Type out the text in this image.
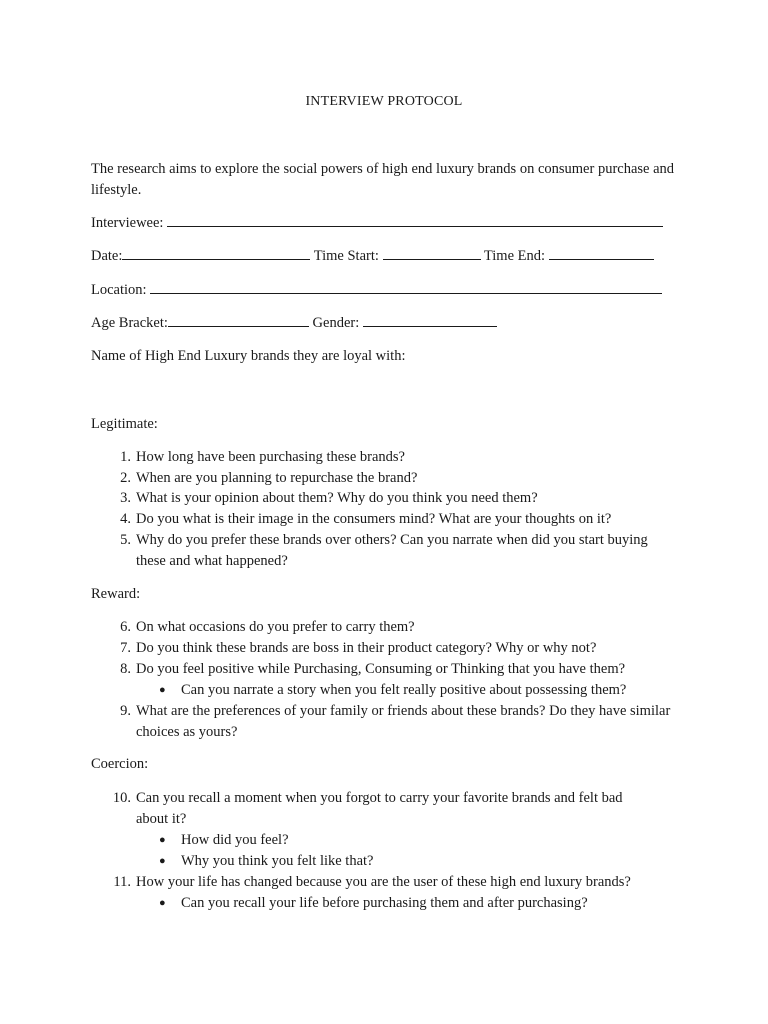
INTERVIEW PROTOCOL
The research aims to explore the social powers of high end luxury brands on consumer purchase and lifestyle.
Interviewee:
Date:	Time Start:	Time End:
Location:
Age Bracket:	Gender:
Name of High End Luxury brands they are loyal with:
Legitimate:
1. How long have been purchasing these brands?
2. When are you planning to repurchase the brand?
3. What is your opinion about them? Why do you think you need them?
4. Do you what is their image in the consumers mind? What are your thoughts on it?
5. Why do you prefer these brands over others? Can you narrate when did you start buying these and what happened?
Reward:
6. On what occasions do you prefer to carry them?
7. Do you think these brands are boss in their product category? Why or why not?
8. Do you feel positive while Purchasing, Consuming or Thinking that you have them?
● Can you narrate a story when you felt really positive about possessing them?
9. What are the preferences of your family or friends about these brands? Do they have similar choices as yours?
Coercion:
10. Can you recall a moment when you forgot to carry your favorite brands and felt bad about it?
● How did you feel?
● Why you think you felt like that?
11. How your life has changed because you are the user of these high end luxury brands?
● Can you recall your life before purchasing them and after purchasing?
